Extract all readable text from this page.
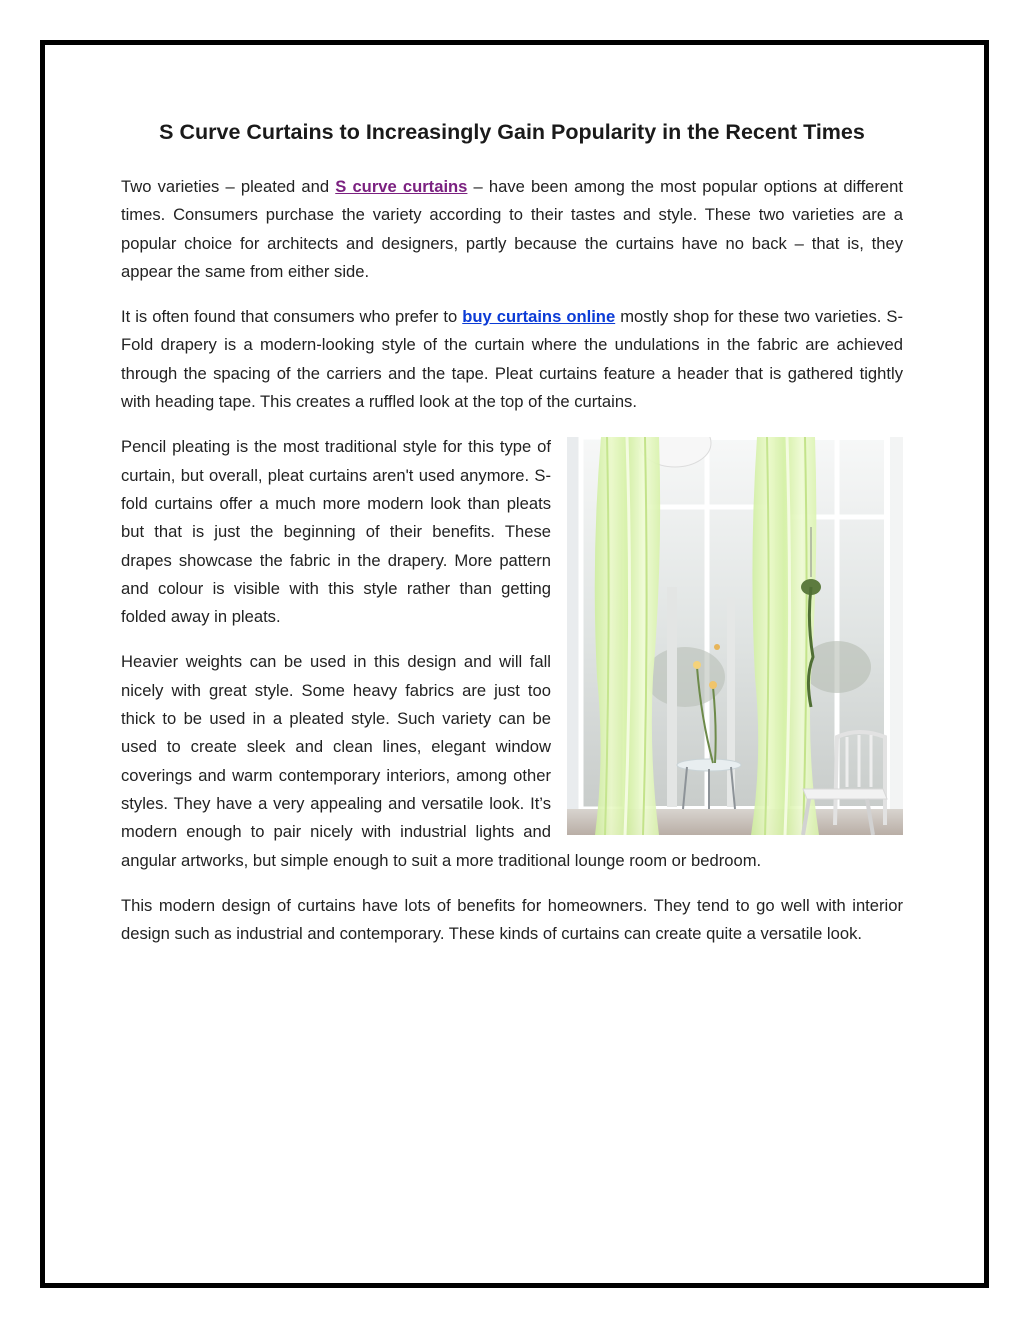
S Curve Curtains to Increasingly Gain Popularity in the Recent Times

Two varieties – pleated and S curve curtains – have been among the most popular options at different times. Consumers purchase the variety according to their tastes and style. These two varieties are a popular choice for architects and designers, partly because the curtains have no back – that is, they appear the same from either side.

It is often found that consumers who prefer to buy curtains online mostly shop for these two varieties. S-Fold drapery is a modern-looking style of the curtain where the undulations in the fabric are achieved through the spacing of the carriers and the tape. Pleat curtains feature a header that is gathered tightly with heading tape. This creates a ruffled look at the top of the curtains.

Pencil pleating is the most traditional style for this type of curtain, but overall, pleat curtains aren't used anymore. S-fold curtains offer a much more modern look than pleats but that is just the beginning of their benefits. These drapes showcase the fabric in the drapery. More pattern and colour is visible with this style rather than getting folded away in pleats.

Heavier weights can be used in this design and will fall nicely with great style. Some heavy fabrics are just too thick to be used in a pleated style. Such variety can be used to create sleek and clean lines, elegant window coverings and warm contemporary interiors, among other styles. They have a very appealing and versatile look. It’s modern enough to pair nicely with industrial lights and angular artworks, but simple enough to suit a more traditional lounge room or bedroom.

This modern design of curtains have lots of benefits for homeowners. They tend to go well with interior design such as industrial and contemporary. These kinds of curtains can create quite a versatile look.
